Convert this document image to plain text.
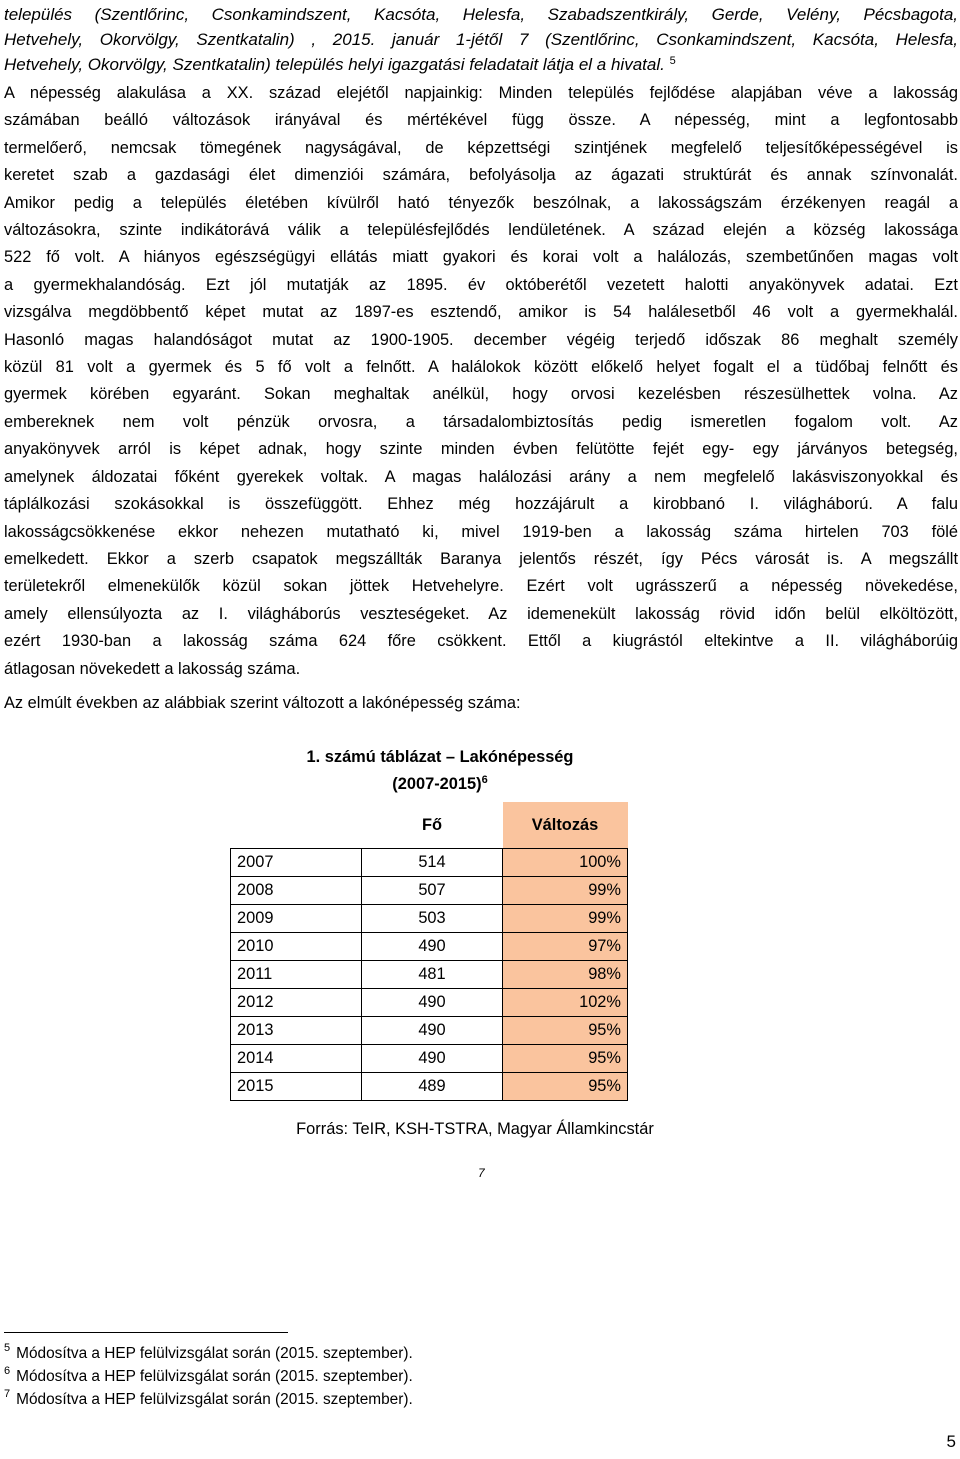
település (Szentlőrinc, Csonkamindszent, Kacsóta, Helesfa, Szabadszentkirály, Gerde, Velény, Pécsbagota,

Hetvehely, Okorvölgy, Szentkatalin) , 2015. január 1-jétől 7 (Szentlőrinc, Csonkamindszent, Kacsóta, Helesfa,

Hetvehely, Okorvölgy, Szentkatalin) település helyi igazgatási feladatait látja el a hivatal. $^5$

A népesség alakulása a XX. század elejétől napjainkig: Minden település fejlődése alapjában véve a lakosság

számában beálló változások irányával és mértékével függ össze. A népesség, mint a legfontosabb

termelőerő, nemcsak tömegének nagyságával, de képzettségi szintjének megfelelő teljesítőképességével is

keretet szab a gazdasági élet dimenziói számára, befolyásolja az ágazati struktúrát és annak színvonalát.

Amikor pedig a település életében kívülről ható tényezők beszólnak, a lakosságszám érzékenyen reagál a

változásokra, szinte indikátorává válik a településfejlődés lendületének. A század elején a község lakossága

522 fő volt. A hiányos egészségügyi ellátás miatt gyakori és korai volt a halálozás, szembetűnően magas volt

a gyermekhalandóság. Ezt jól mutatják az 1895. év októberétől vezetett halotti anyakönyvek adatai. Ezt

vizsgálva megdöbbentő képet mutat az 1897-es esztendő, amikor is 54 halálesetből 46 volt a gyermekhalál.

Hasonló magas halandóságot mutat az 1900-1905. december végéig terjedő időszak 86 meghalt személy

közül 81 volt a gyermek és 5 fő volt a felnőtt. A halálokok között előkelő helyet fogalt el a tüdőbaj felnőtt és

gyermek körében egyaránt. Sokan meghaltak anélkül, hogy orvosi kezelésben részesülhettek volna. Az

embereknek nem volt pénzük orvosra, a társadalombiztosítás pedig ismeretlen fogalom volt. Az

anyakönyvek arról is képet adnak, hogy szinte minden évben felütötte fejét egy- egy járványos betegség,

amelynek áldozatai főként gyerekek voltak. A magas halálozási arány a nem megfelelő lakásviszonyokkal és

táplálkozási szokásokkal is összefüggött. Ehhez még hozzájárult a kirobbanó I. világháború. A falu

lakosságcsökkenése ekkor nehezen mutatható ki, mivel 1919-ben a lakosság száma hirtelen 703 fölé

emelkedett. Ekkor a szerb csapatok megszállták Baranya jelentős részét, így Pécs városát is. A megszállt

területekről elmenekülők közül sokan jöttek Hetvehelyre. Ezért volt ugrásszerű a népesség növekedése,

amely ellensúlyozta az I. világháborús veszteségeket. Az idemenekült lakosság rövid időn belül elköltözött,

ezért 1930-ban a lakosság száma 624 főre csökkent. Ettől a kiugrástól eltekintve a II. világháborúig

átlagosan növekedett a lakosság száma.

Az elmúlt években az alábbiak szerint változott a lakónépesség száma:

1. számú táblázat – Lakónépesség
(2007-2015)$^6$
	Fő	Változás
2007	514	100%
2008	507	99%
2009	503	99%
2010	490	97%
2011	481	98%
2012	490	102%
2013	490	95%
2014	490	95%
2015	489	95%
Forrás: TeIR, KSH-TSTRA, Magyar Államkincstár
7
$^5$ Módosítva a HEP felülvizsgálat során (2015. szeptember).
$^6$ Módosítva a HEP felülvizsgálat során (2015. szeptember).
$^7$ Módosítva a HEP felülvizsgálat során (2015. szeptember).
5
